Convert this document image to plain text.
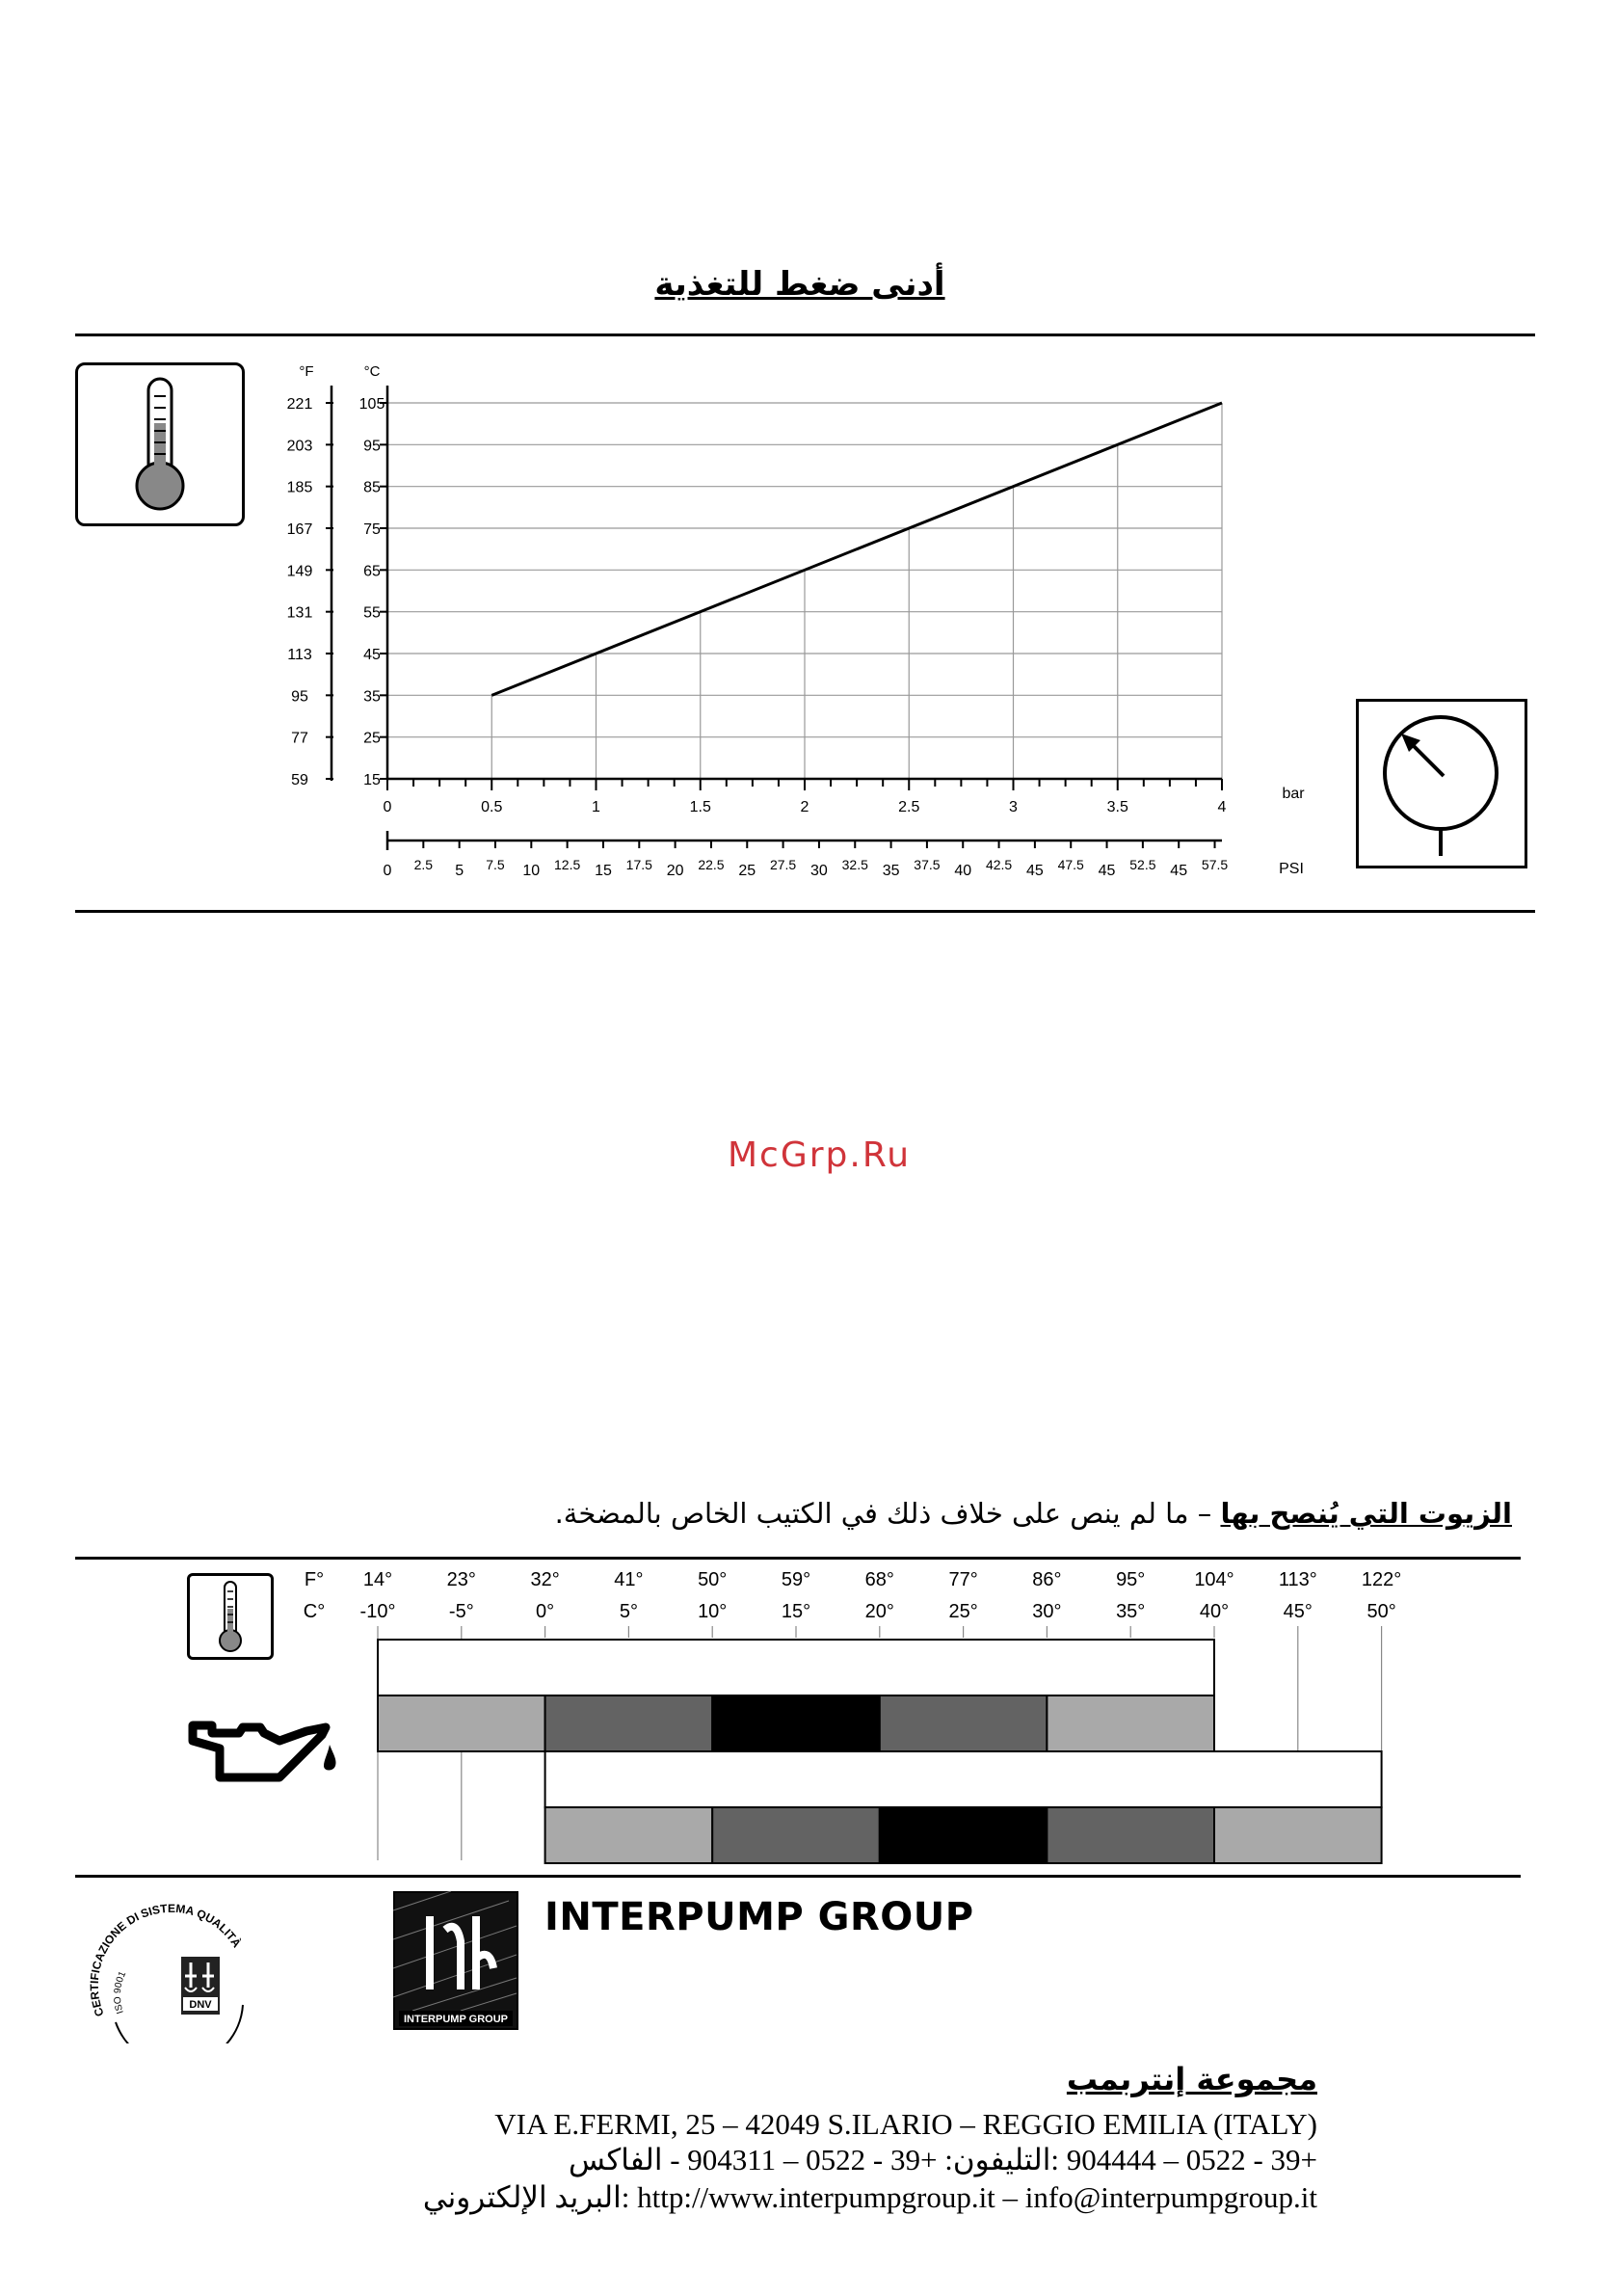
أدنى ضغط للتغذية
°F	°C
105
221
95
203
85
185
75
167
65
149
55
131
45
113
35
95
25
77
15
59
0	0.5	1	1.5	2	2.5	3	3.5	4
bar
0 2.5 5 7.5 10 12.5 15 17.5 20 22.5 25 27.5 30 32.5 35 37.5 40 42.5 45 47.5 45 52.5 45 57.5	PSI
McGrp.Ru
الزيوت التي يُنصح بها – ما لم ينص على خلاف ذلك في الكتيب الخاص بالمضخة.
F°
C°
14°
-10°
23°
-5°
32°
0°
41°
5°
50°
10°
59°
15°
68°
20°
77°
25°
86°
30°
95°
35°
104°
40°
113°
45°
122°
50°
CERTIFICAZIONE DI SISTEMA QUALITÀ
ISO 9001
DNV
INTERPUMP GROUP
INTERPUMP GROUP
مجموعة إنتربمب
VIA E.FERMI, 25 – 42049 S.ILARIO – REGGIO EMILIA (ITALY)
+39 - 0522 – 904444 :التليفون: +39 - 0522 – 904311 - الفاكس
http://www.interpumpgroup.it – info@interpumpgroup.it :البريد الإلكتروني
